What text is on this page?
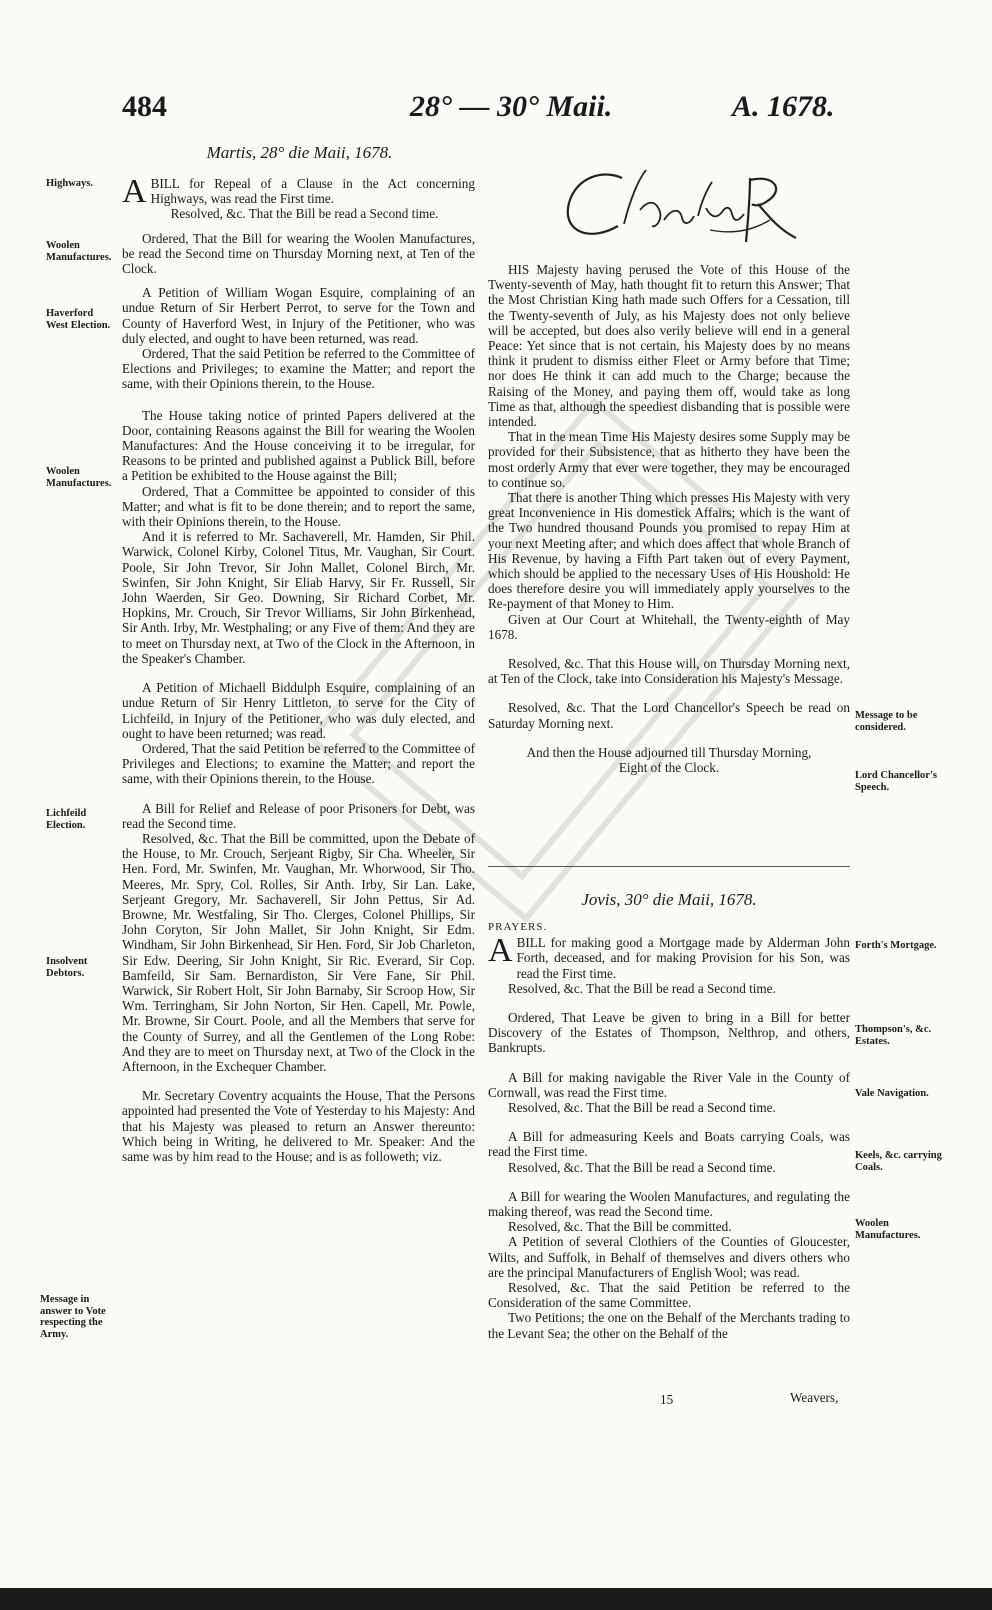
484	28° — 30° Maii.	A. 1678.
Martis, 28° die Maii, 1678.

ABILL for Repeal of a Clause in the Act concerning Highways, was read the First time.

Resolved, &c. That the Bill be read a Second time.

Ordered, That the Bill for wearing the Woolen Manufactures, be read the Second time on Thursday Morning next, at Ten of the Clock.

A Petition of William Wogan Esquire, complaining of an undue Return of Sir Herbert Perrot, to serve for the Town and County of Haverford West, in Injury of the Petitioner, who was duly elected, and ought to have been returned, was read.

Ordered, That the said Petition be referred to the Committee of Elections and Privileges; to examine the Matter; and report the same, with their Opinions therein, to the House.

The House taking notice of printed Papers delivered at the Door, containing Reasons against the Bill for wearing the Woolen Manufactures: And the House conceiving it to be irregular, for Reasons to be printed and published against a Publick Bill, before a Petition be exhibited to the House against the Bill;

Ordered, That a Committee be appointed to consider of this Matter; and what is fit to be done therein; and to report the same, with their Opinions therein, to the House.

And it is referred to Mr. Sachaverell, Mr. Hamden, Sir Phil. Warwick, Colonel Kirby, Colonel Titus, Mr. Vaughan, Sir Court. Poole, Sir John Trevor, Sir John Mallet, Colonel Birch, Mr. Swinfen, Sir John Knight, Sir Eliab Harvy, Sir Fr. Russell, Sir John Waerden, Sir Geo. Downing, Sir Richard Corbet, Mr. Hopkins, Mr. Crouch, Sir Trevor Williams, Sir John Birkenhead, Sir Anth. Irby, Mr. Westphaling; or any Five of them: And they are to meet on Thursday next, at Two of the Clock in the Afternoon, in the Speaker's Chamber.

A Petition of Michaell Biddulph Esquire, complaining of an undue Return of Sir Henry Littleton, to serve for the City of Lichfeild, in Injury of the Petitioner, who was duly elected, and ought to have been returned; was read.

Ordered, That the said Petition be referred to the Committee of Privileges and Elections; to examine the Matter; and report the same, with their Opinions therein, to the House.

A Bill for Relief and Release of poor Prisoners for Debt, was read the Second time.

Resolved, &c. That the Bill be committed, upon the Debate of the House, to Mr. Crouch, Serjeant Rigby, Sir Cha. Wheeler, Sir Hen. Ford, Mr. Swinfen, Mr. Vaughan, Mr. Whorwood, Sir Tho. Meeres, Mr. Spry, Col. Rolles, Sir Anth. Irby, Sir Lan. Lake, Serjeant Gregory, Mr. Sachaverell, Sir John Pettus, Sir Ad. Browne, Mr. Westfaling, Sir Tho. Clerges, Colonel Phillips, Sir John Coryton, Sir John Mallet, Sir John Knight, Sir Edm. Windham, Sir John Birkenhead, Sir Hen. Ford, Sir Job Charleton, Sir Edw. Deering, Sir John Knight, Sir Ric. Everard, Sir Cop. Bamfeild, Sir Sam. Bernardiston, Sir Vere Fane, Sir Phil. Warwick, Sir Robert Holt, Sir John Barnaby, Sir Scroop How, Sir Wm. Terringham, Sir John Norton, Sir Hen. Capell, Mr. Powle, Mr. Browne, Sir Court. Poole, and all the Members that serve for the County of Surrey, and all the Gentlemen of the Long Robe: And they are to meet on Thursday next, at Two of the Clock in the Afternoon, in the Exchequer Chamber.

Mr. Secretary Coventry acquaints the House, That the Persons appointed had presented the Vote of Yesterday to his Majesty: And that his Majesty was pleased to return an Answer thereunto: Which being in Writing, he delivered to Mr. Speaker: And the same was by him read to the House; and is as followeth; viz.

Highways.
Woolen Manufactures.
Haverford West Election.
Woolen Manufactures.
Lichfeild Election.
Insolvent Debtors.
Message in answer to Vote respecting the Army.
Charles R

HIS Majesty having perused the Vote of this House of the Twenty-seventh of May, hath thought fit to return this Answer; That the Most Christian King hath made such Offers for a Cessation, till the Twenty-seventh of July, as his Majesty does not only believe will be accepted, but does also verily believe will end in a general Peace: Yet since that is not certain, his Majesty does by no means think it prudent to dismiss either Fleet or Army before that Time; nor does He think it can add much to the Charge; because the Raising of the Money, and paying them off, would take as long Time as that, although the speediest disbanding that is possible were intended.

That in the mean Time His Majesty desires some Supply may be provided for their Subsistence, that as hitherto they have been the most orderly Army that ever were together, they may be encouraged to continue so.

That there is another Thing which presses His Majesty with very great Inconvenience in His domestick Affairs; which is the want of the Two hundred thousand Pounds you promised to repay Him at your next Meeting after; and which does affect that whole Branch of His Revenue, by having a Fifth Part taken out of every Payment, which should be applied to the necessary Uses of His Houshold: He does therefore desire you will immediately apply yourselves to the Re-payment of that Money to Him.

Given at Our Court at Whitehall, the Twenty-eighth of May 1678.

Resolved, &c. That this House will, on Thursday Morning next, at Ten of the Clock, take into Consideration his Majesty's Message.

Resolved, &c. That the Lord Chancellor's Speech be read on Saturday Morning next.

And then the House adjourned till Thursday Morning, Eight of the Clock.

Jovis, 30° die Maii, 1678.

PRAYERS.

ABILL for making good a Mortgage made by Alderman John Forth, deceased, and for making Provision for his Son, was read the First time.

Resolved, &c. That the Bill be read a Second time.

Ordered, That Leave be given to bring in a Bill for better Discovery of the Estates of Thompson, Nelthrop, and others, Bankrupts.

A Bill for making navigable the River Vale in the County of Cornwall, was read the First time.

Resolved, &c. That the Bill be read a Second time.

A Bill for admeasuring Keels and Boats carrying Coals, was read the First time.

Resolved, &c. That the Bill be read a Second time.

A Bill for wearing the Woolen Manufactures, and regulating the making thereof, was read the Second time.

Resolved, &c. That the Bill be committed.

A Petition of several Clothiers of the Counties of Gloucester, Wilts, and Suffolk, in Behalf of themselves and divers others who are the principal Manufacturers of English Wool; was read.

Resolved, &c. That the said Petition be referred to the Consideration of the same Committee.

Two Petitions; the one on the Behalf of the Merchants trading to the Levant Sea; the other on the Behalf of the

15	Weavers,
Message to be considered.
Lord Chancellor's Speech.
Forth's Mortgage.
Thompson's, &c. Estates.
Vale Navigation.
Keels, &c. carrying Coals.
Woolen Manufactures.
